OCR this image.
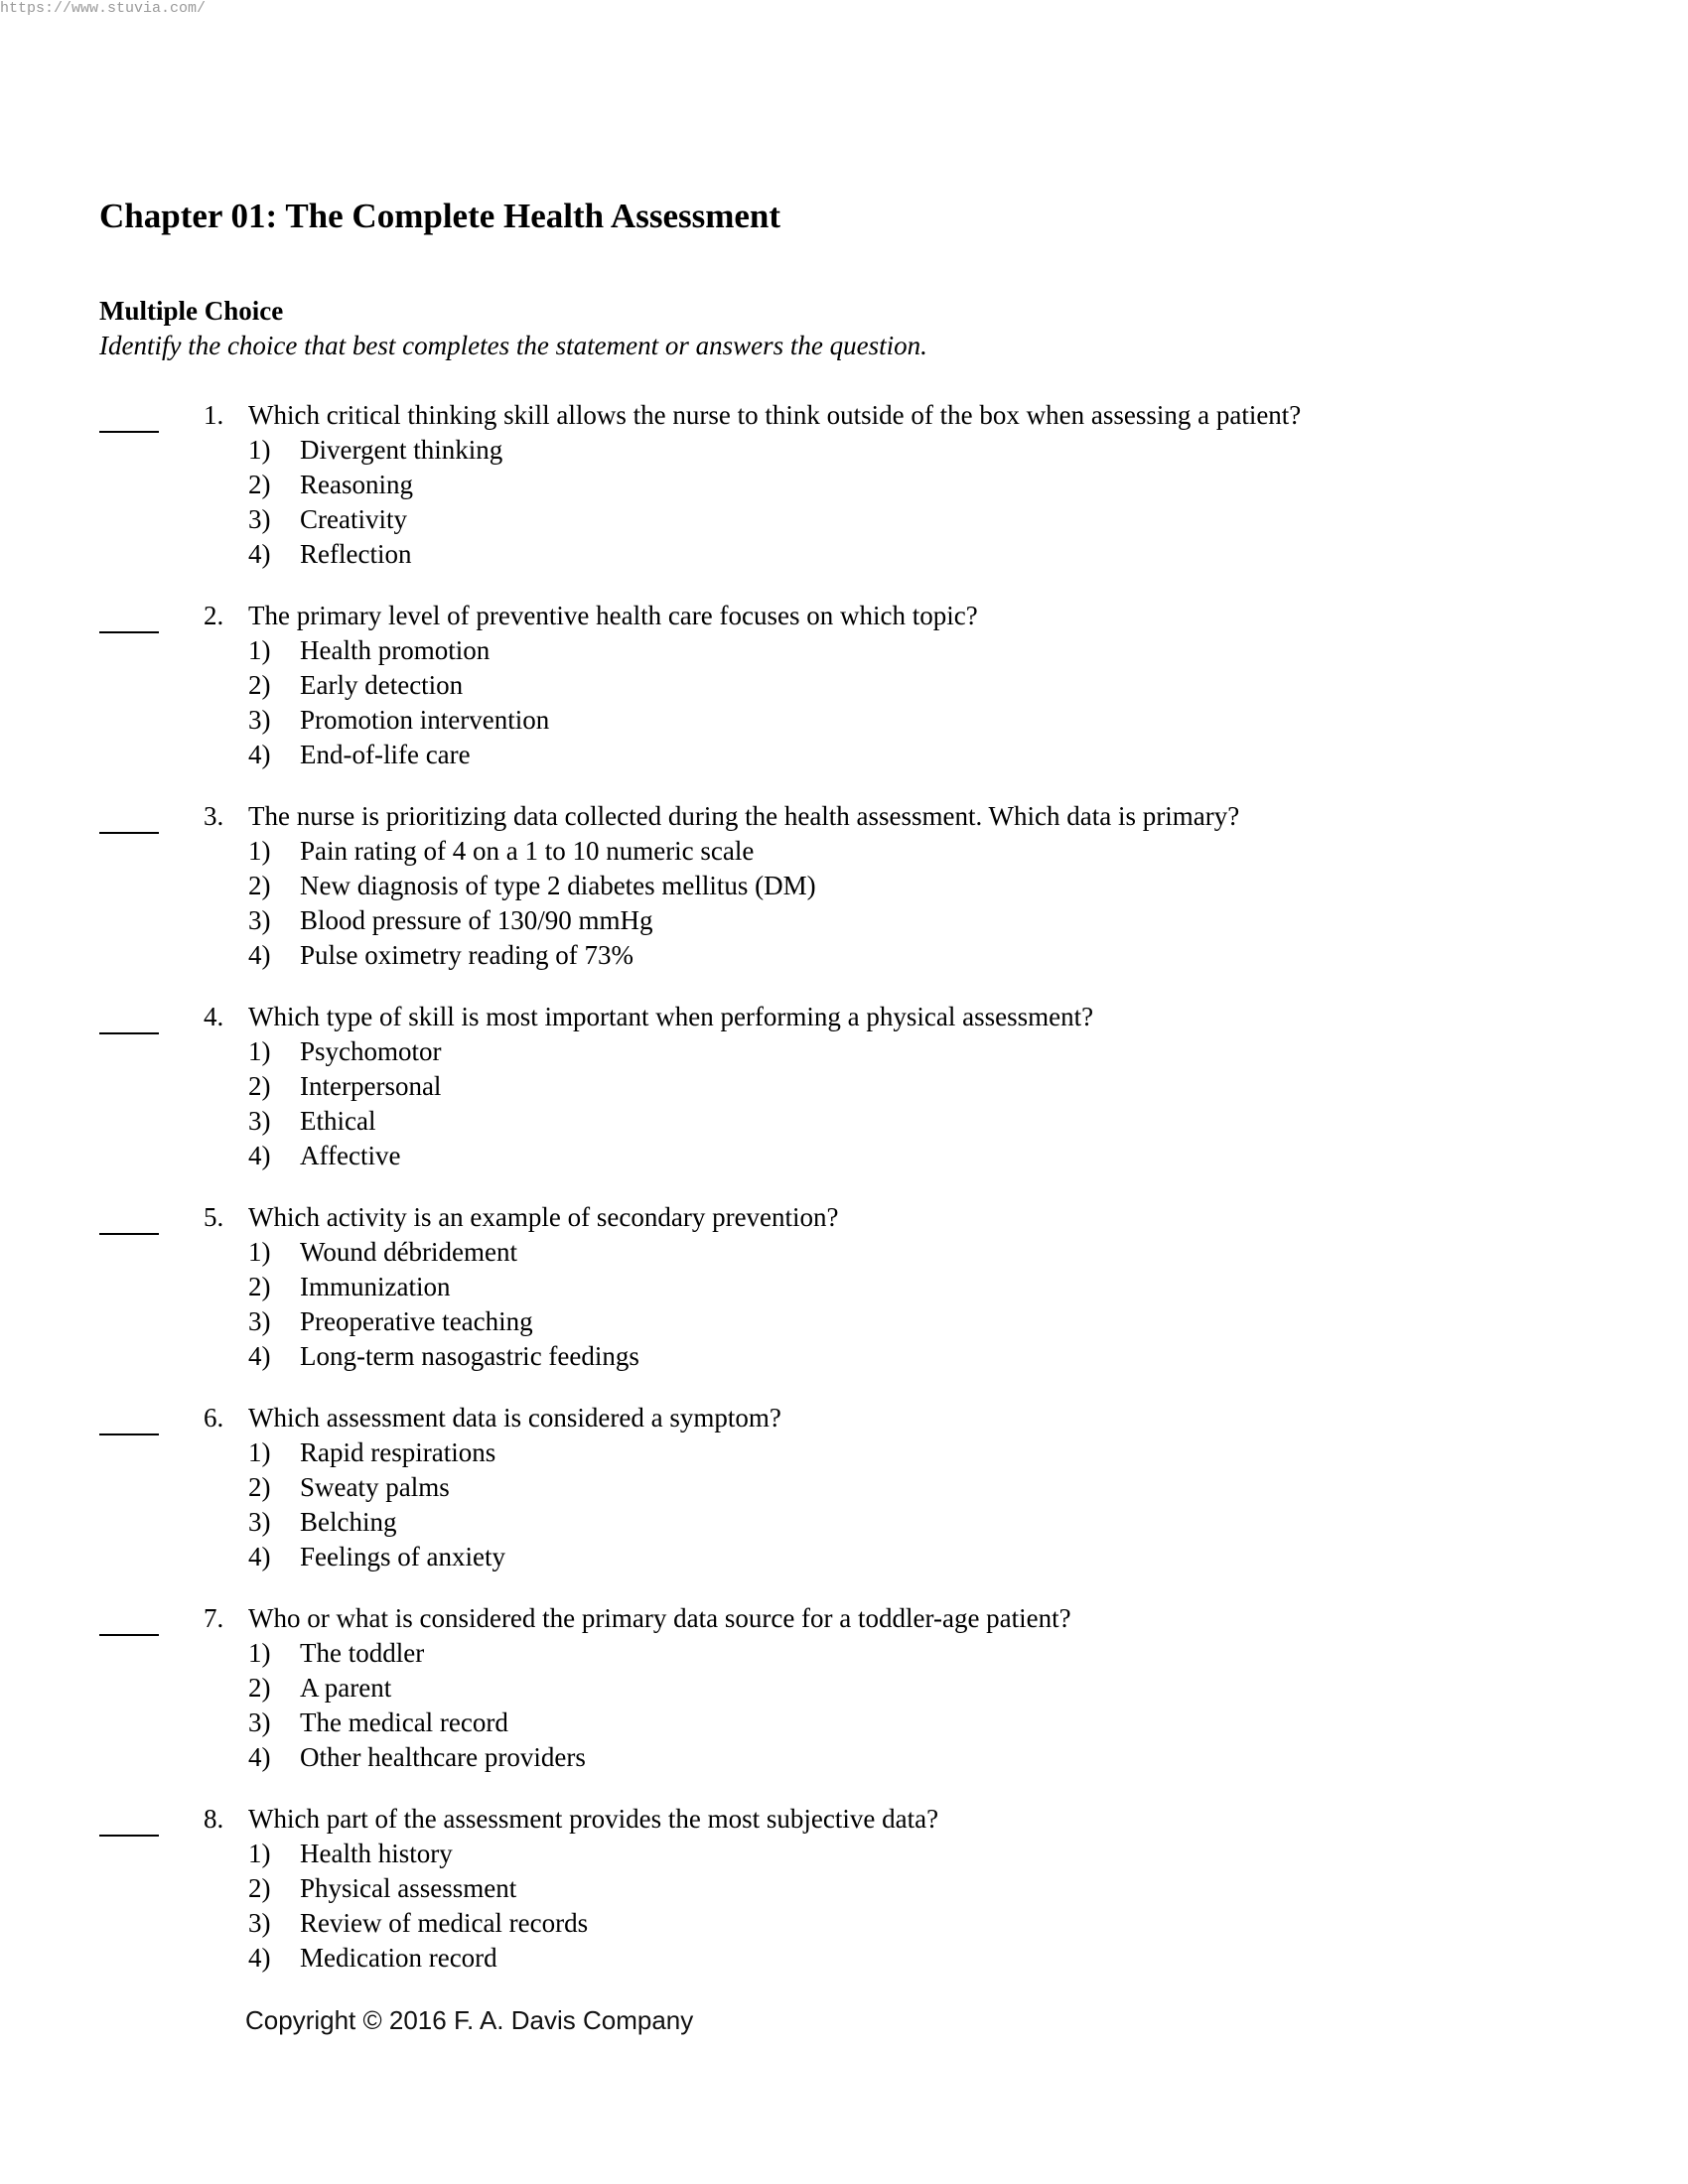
https://www.stuvia.com/
Chapter 01: The Complete Health Assessment
Multiple Choice

Identify the choice that best completes the statement or answers the question.

1. Which critical thinking skill allows the nurse to think outside of the box when assessing a patient?
1) Divergent thinking
2) Reasoning
3) Creativity
4) Reflection
2. The primary level of preventive health care focuses on which topic?
1) Health promotion
2) Early detection
3) Promotion intervention
4) End-of-life care
3. The nurse is prioritizing data collected during the health assessment. Which data is primary?
1) Pain rating of 4 on a 1 to 10 numeric scale
2) New diagnosis of type 2 diabetes mellitus (DM)
3) Blood pressure of 130/90 mmHg
4) Pulse oximetry reading of 73%
4. Which type of skill is most important when performing a physical assessment?
1) Psychomotor
2) Interpersonal
3) Ethical
4) Affective
5. Which activity is an example of secondary prevention?
1) Wound débridement
2) Immunization
3) Preoperative teaching
4) Long-term nasogastric feedings
6. Which assessment data is considered a symptom?
1) Rapid respirations
2) Sweaty palms
3) Belching
4) Feelings of anxiety
7. Who or what is considered the primary data source for a toddler-age patient?
1) The toddler
2) A parent
3) The medical record
4) Other healthcare providers
8. Which part of the assessment provides the most subjective data?
1) Health history
2) Physical assessment
3) Review of medical records
4) Medication record
Copyright © 2016 F. A. Davis Company
